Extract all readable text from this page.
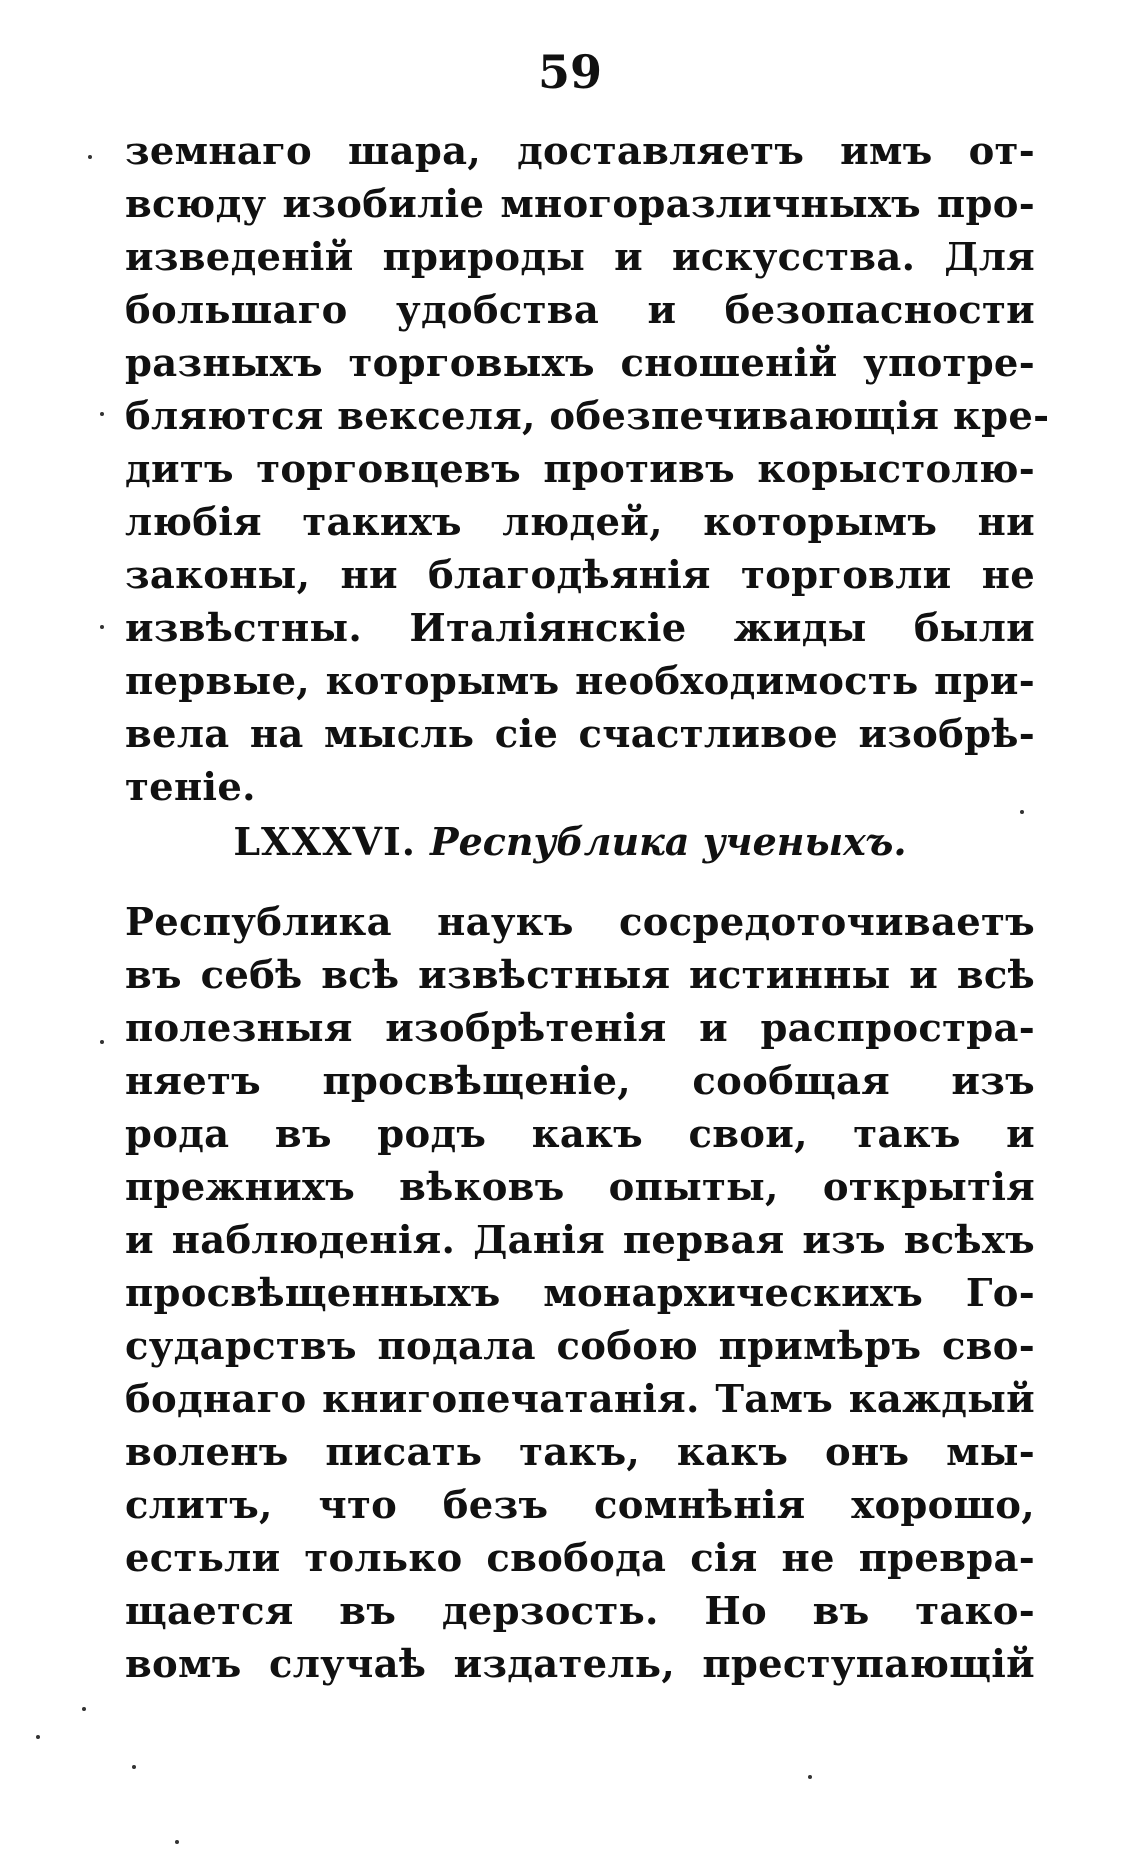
59
земнаго шара, доставляетъ имъ от-
всюду изобиліе многоразличныхъ про-
изведеній природы и искусства. Для
большаго удобства и безопасности
разныхъ торговыхъ сношеній употре-
бляются векселя, обезпечивающія кре-
дитъ торговцевъ противъ корыстолю-
любія такихъ людей, которымъ ни
законы, ни благодѣянія торговли не
извѣстны. Италіянскіе жиды были
первые, которымъ необходимость при-
вела на мысль сіе счастливое изобрѣ-
теніе.
LXXXVI. Республика ученыхъ.
Республика наукъ сосредоточиваетъ
въ себѣ всѣ извѣстныя истинны и всѣ
полезныя изобрѣтенія и распростра-
няетъ просвѣщеніе, сообщая изъ
рода въ родъ какъ свои, такъ и
прежнихъ вѣковъ опыты, открытія
и наблюденія. Данія первая изъ всѣхъ
просвѣщенныхъ монархическихъ Го-
сударствъ подала собою примѣръ сво-
боднаго книгопечатанія. Тамъ каждый
воленъ писать такъ, какъ онъ мы-
слитъ, что безъ сомнѣнія хорошо,
естьли только свобода сія не превра-
щается въ дерзость. Но въ тако-
вомъ случаѣ издатель, преступающій
